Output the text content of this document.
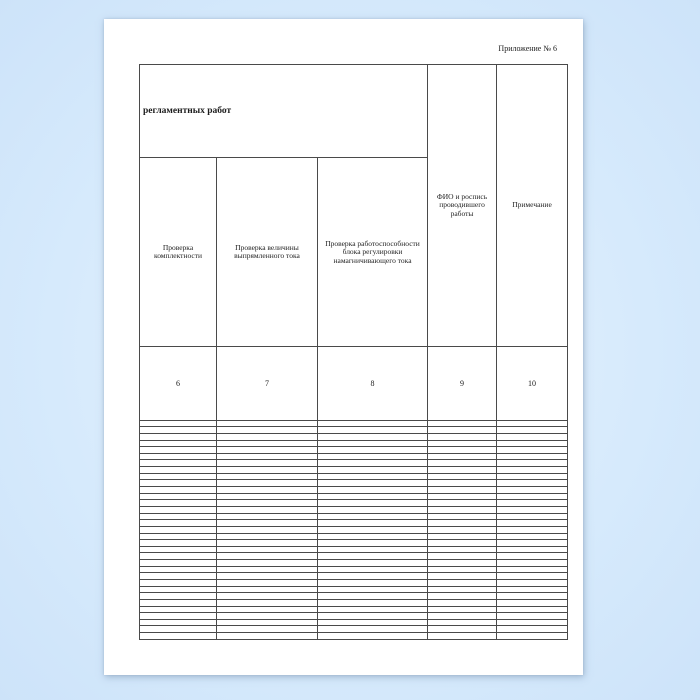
Приложение № 6
регламентных работ			ФИО и роспись проводившего работы	Примечание
Проверка комплектности	Проверка величины выпрямленного тока	Проверка работоспособности блока регулировки намагничивающего тока		
6	7	8	9	10
